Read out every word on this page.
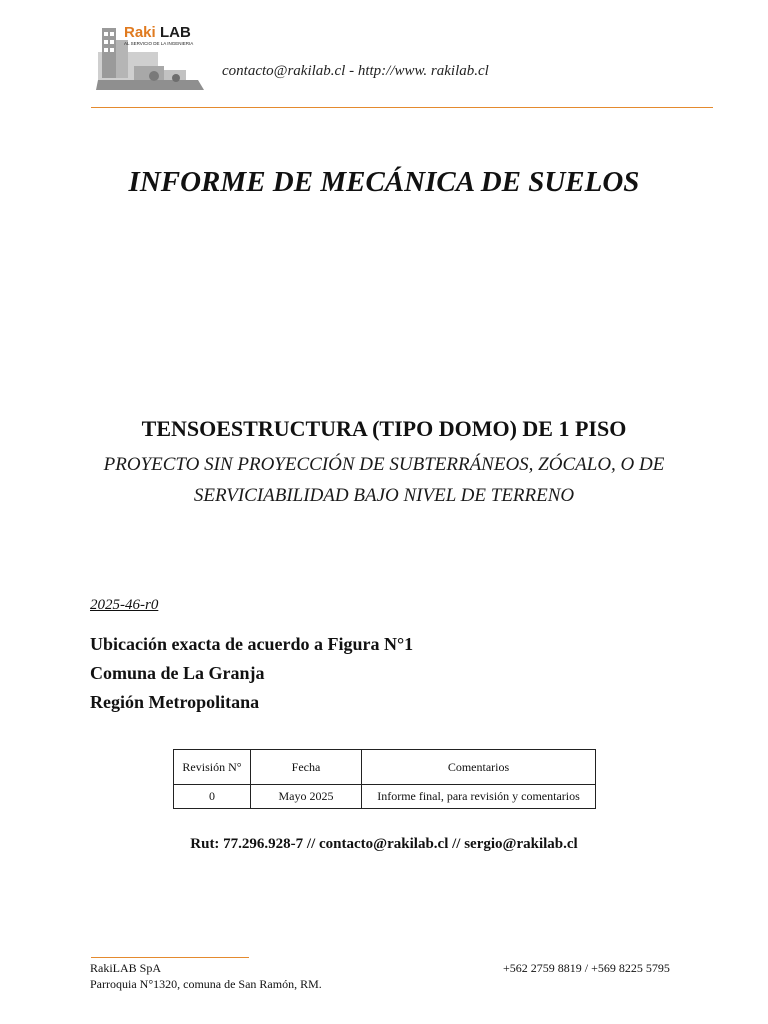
Raki LAB
AL SERVICIO DE LA INGENIERIA
contacto@rakilab.cl - http://www. rakilab.cl
INFORME DE MECÁNICA DE SUELOS
TENSOESTRUCTURA (TIPO DOMO) DE 1 PISO
PROYECTO SIN PROYECCIÓN DE SUBTERRÁNEOS, ZÓCALO, O DE
SERVICIABILIDAD BAJO NIVEL DE TERRENO
2025-46-r0
Ubicación exacta de acuerdo a Figura N°1
Comuna de La Granja
Región Metropolitana
Revisión N°	Fecha	Comentarios
0	Mayo 2025	Informe final, para revisión y comentarios
Rut: 77.296.928-7 // contacto@rakilab.cl // sergio@rakilab.cl
RakiLAB SpA
Parroquia N°1320, comuna de San Ramón, RM.
+562 2759 8819 / +569 8225 5795
